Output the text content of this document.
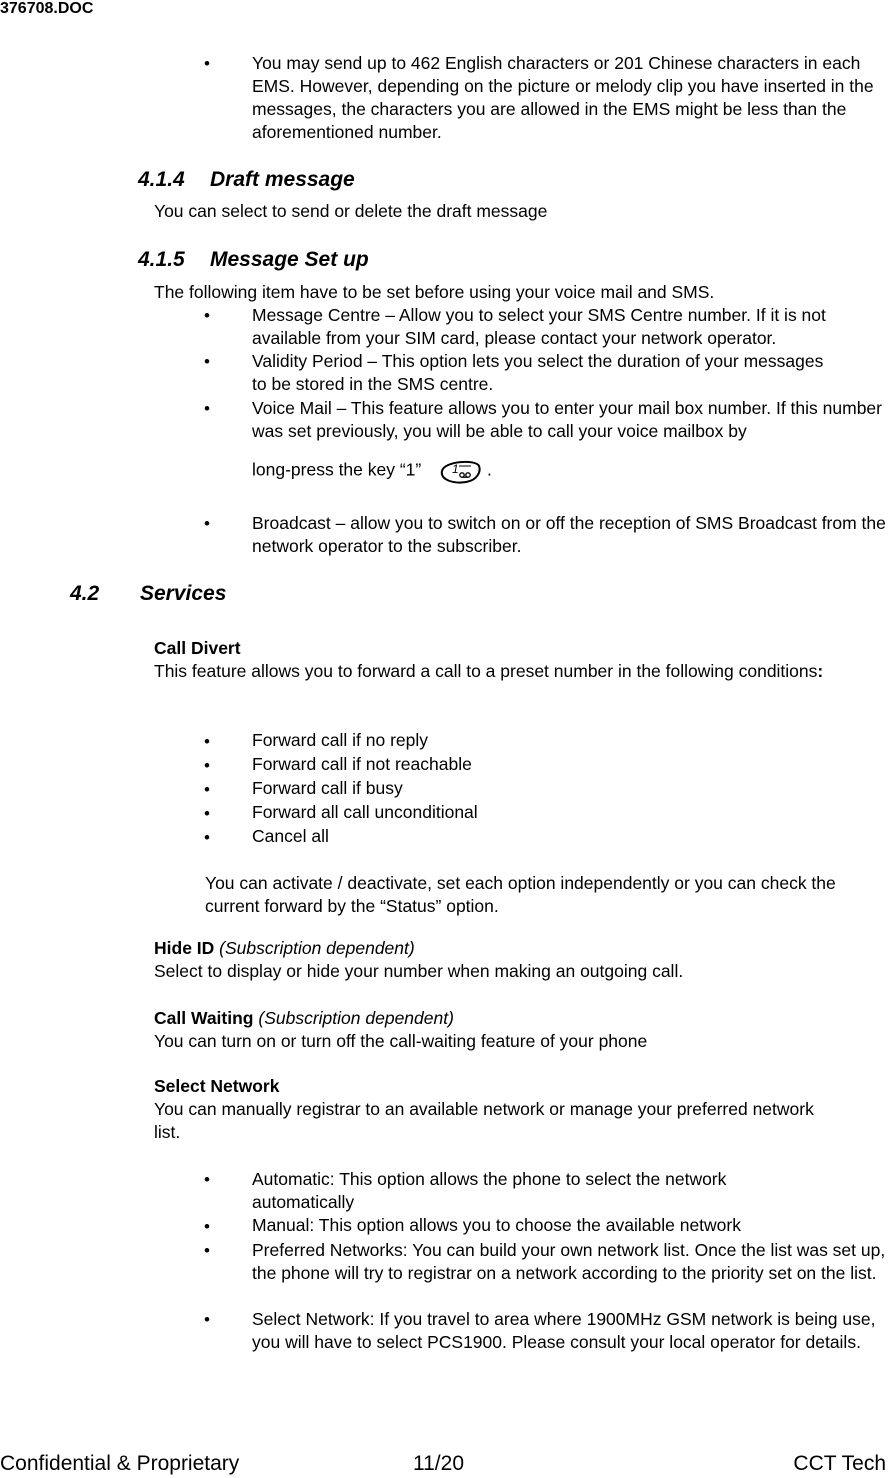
376708.DOC
• You may send up to 462 English characters or 201 Chinese characters in each EMS. However, depending on the picture or melody clip you have inserted in the messages, the characters you are allowed in the EMS might be less than the aforementioned number.
4.1.4 Draft message
You can select to send or delete the draft message
4.1.5 Message Set up
The following item have to be set before using your voice mail and SMS.
• Message Centre – Allow you to select your SMS Centre number. If it is not available from your SIM card, please contact your network operator.
• Validity Period – This option lets you select the duration of your messages to be stored in the SMS centre.
• Voice Mail – This feature allows you to enter your mail box number. If this number was set previously, you will be able to call your voice mailbox by
long-press the key “1”	1 .
• Broadcast – allow you to switch on or off the reception of SMS Broadcast from the network operator to the subscriber.
4.2 Services
Call Divert
This feature allows you to forward a call to a preset number in the following conditions:
• Forward call if no reply
• Forward call if not reachable
• Forward call if busy
• Forward all call unconditional
• Cancel all
You can activate / deactivate, set each option independently or you can check the current forward by the “Status” option.
Hide ID (Subscription dependent)
Select to display or hide your number when making an outgoing call.
Call Waiting (Subscription dependent)
You can turn on or turn off the call-waiting feature of your phone
Select Network
You can manually registrar to an available network or manage your preferred network list.
• Automatic: This option allows the phone to select the network automatically
• Manual: This option allows you to choose the available network
• Preferred Networks: You can build your own network list. Once the list was set up, the phone will try to registrar on a network according to the priority set on the list.
• Select Network: If you travel to area where 1900MHz GSM network is being use, you will have to select PCS1900. Please consult your local operator for details.
Confidential & Proprietary	11/20	CCT Tech
